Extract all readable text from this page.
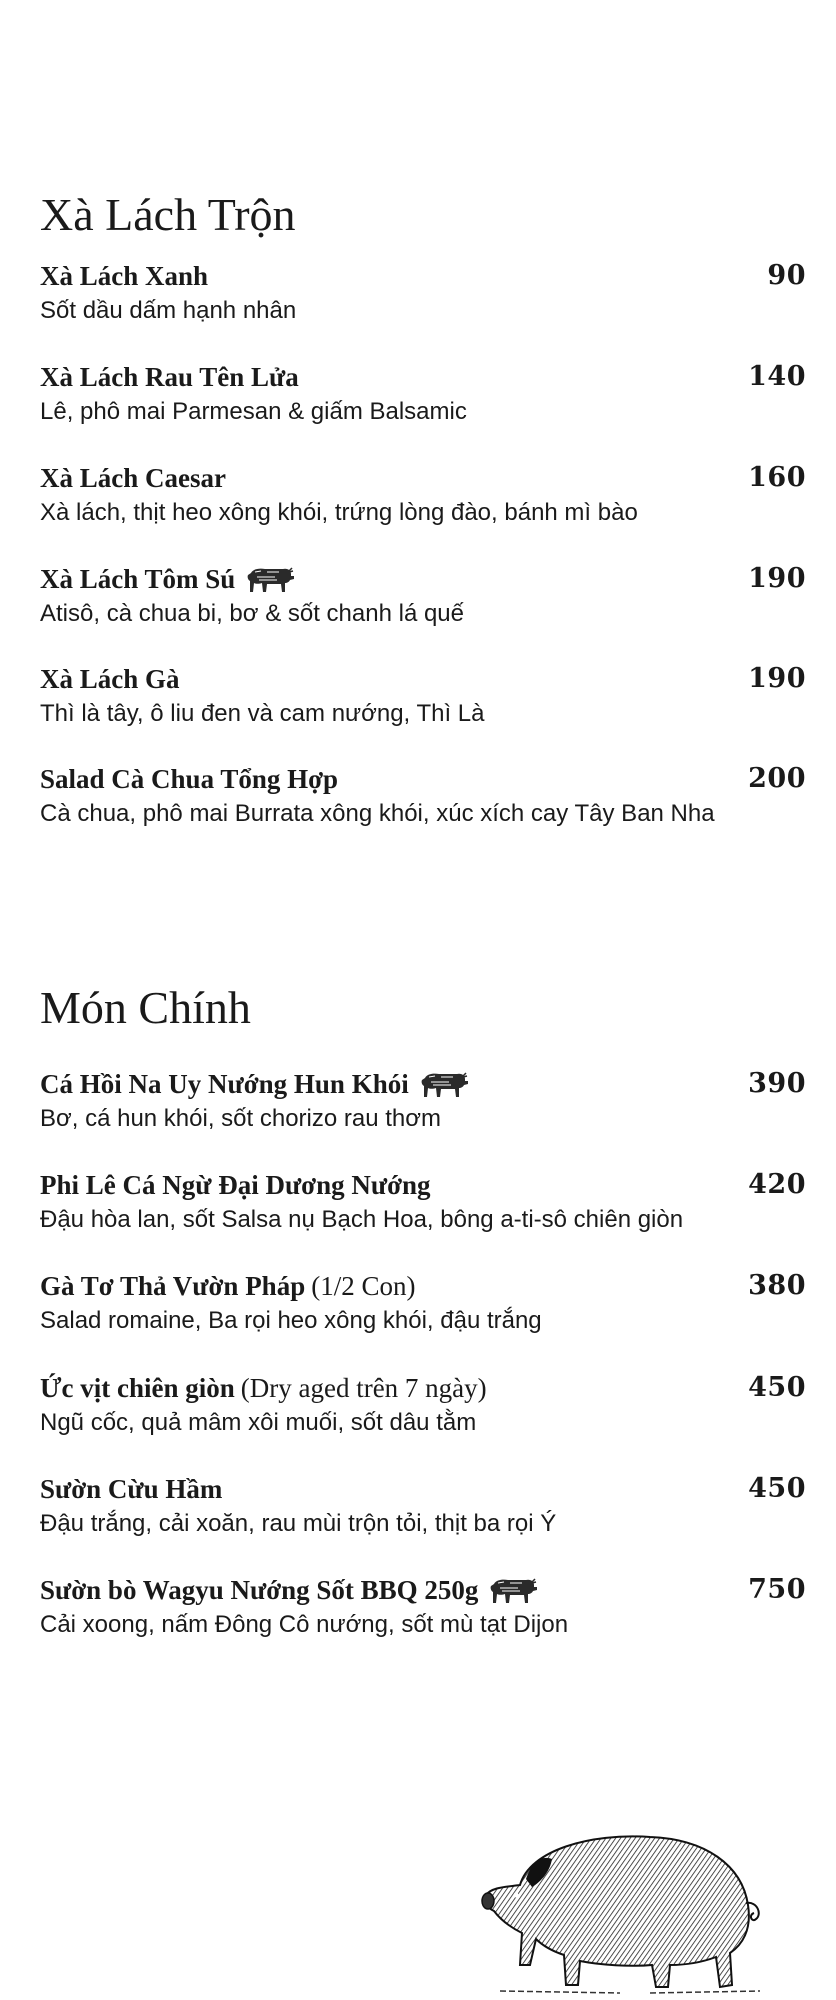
Xà Lách Trộn
Xà Lách Xanh	90
Sốt dầu dấm hạnh nhân
Xà Lách Rau Tên Lửa	140
Lê, phô mai Parmesan & giấm Balsamic
Xà Lách Caesar	160
Xà lách, thịt heo xông khói, trứng lòng đào, bánh mì bào
Xà Lách Tôm Sú	190
Atisô, cà chua bi, bơ & sốt chanh lá quế
Xà Lách Gà	190
Thì là tây, ô liu đen và cam nướng, Thì Là
Salad Cà Chua Tổng Hợp	200
Cà chua, phô mai Burrata xông khói, xúc xích cay Tây Ban Nha
Món Chính
Cá Hồi Na Uy Nướng Hun Khói	390
Bơ, cá hun khói, sốt chorizo rau thơm
Phi Lê Cá Ngừ Đại Dương Nướng	420
Đậu hòa lan, sốt Salsa nụ Bạch Hoa, bông a-ti-sô chiên giòn
Gà Tơ Thả Vườn Pháp (1/2 Con)	380
Salad romaine, Ba rọi heo xông khói, đậu trắng
Ức vịt chiên giòn (Dry aged trên 7 ngày)	450
Ngũ cốc, quả mâm xôi muối, sốt dâu tằm
Sườn Cừu Hầm	450
Đậu trắng, cải xoăn, rau mùi trộn tỏi, thịt ba rọi Ý
Sườn bò Wagyu Nướng Sốt BBQ 250g	750
Cải xoong, nấm Đông Cô nướng, sốt mù tạt Dijon
